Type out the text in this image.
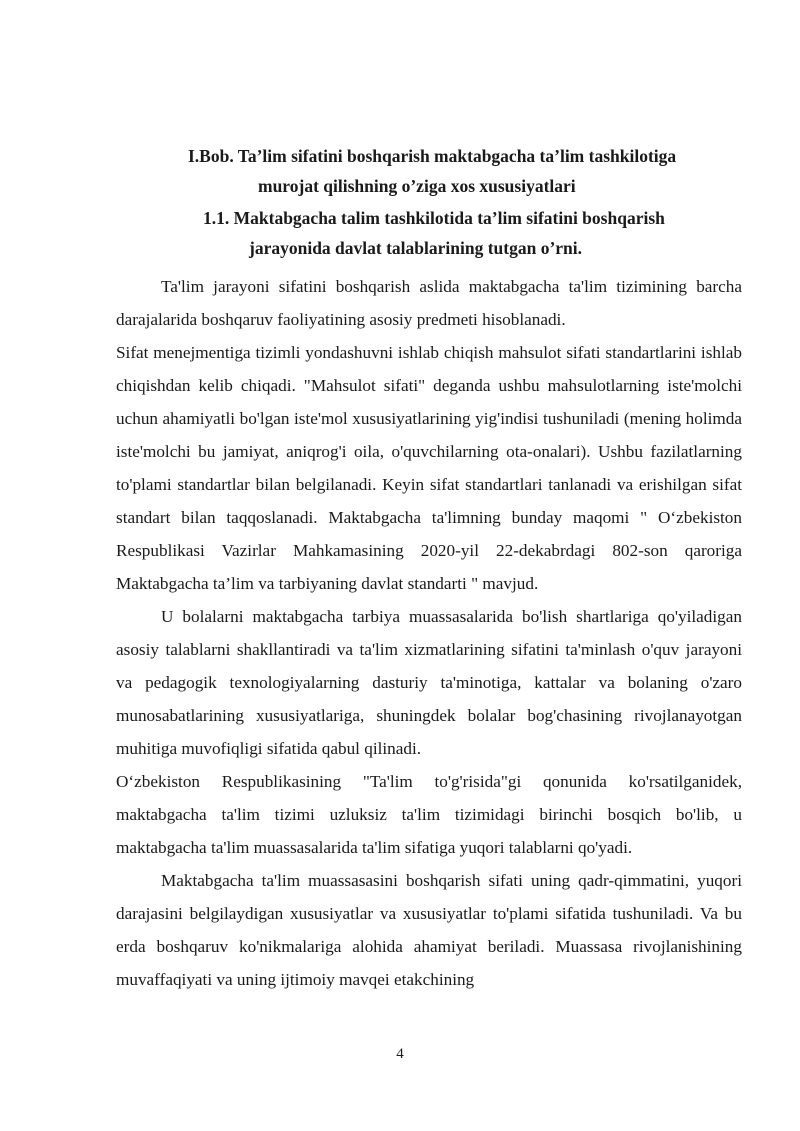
I.Bob. Ta’lim sifatini boshqarish maktabgacha ta’lim tashkilotiga
murojat qilishning o’ziga xos xususiyatlari
1.1. Maktabgacha talim tashkilotida ta’lim sifatini boshqarish
jarayonida davlat talablarining tutgan o’rni.

Ta'lim jarayoni sifatini boshqarish aslida maktabgacha ta'lim tizimining barcha darajalarida boshqaruv faoliyatining asosiy predmeti hisoblanadi.

Sifat menejmentiga tizimli yondashuvni ishlab chiqish mahsulot sifati standartlarini ishlab chiqishdan kelib chiqadi. "Mahsulot sifati" deganda ushbu mahsulotlarning iste'molchi uchun ahamiyatli bo'lgan iste'mol xususiyatlarining yig'indisi tushuniladi (mening holimda iste'molchi bu jamiyat, aniqrog'i oila, o'quvchilarning ota-onalari). Ushbu fazilatlarning to'plami standartlar bilan belgilanadi. Keyin sifat standartlari tanlanadi va erishilgan sifat standart bilan taqqoslanadi. Maktabgacha ta'limning bunday maqomi " O‘zbekiston Respublikasi Vazirlar Mahkamasining 2020-yil 22-dekabrdagi 802-son qaroriga Maktabgacha ta’lim va tarbiyaning davlat standarti " mavjud.

U bolalarni maktabgacha tarbiya muassasalarida bo'lish shartlariga qo'yiladigan asosiy talablarni shakllantiradi va ta'lim xizmatlarining sifatini ta'minlash o'quv jarayoni va pedagogik texnologiyalarning dasturiy ta'minotiga, kattalar va bolaning o'zaro munosabatlarining xususiyatlariga, shuningdek bolalar bog'chasining rivojlanayotgan muhitiga muvofiqligi sifatida qabul qilinadi.

O‘zbekiston Respublikasining "Ta'lim to'g'risida"gi qonunida ko'rsatilganidek, maktabgacha ta'lim tizimi uzluksiz ta'lim tizimidagi birinchi bosqich bo'lib, u maktabgacha ta'lim muassasalarida ta'lim sifatiga yuqori talablarni qo'yadi.

Maktabgacha ta'lim muassasasini boshqarish sifati uning qadr-qimmatini, yuqori darajasini belgilaydigan xususiyatlar va xususiyatlar to'plami sifatida tushuniladi. Va bu erda boshqaruv ko'nikmalariga alohida ahamiyat beriladi. Muassasa rivojlanishining muvaffaqiyati va uning ijtimoiy mavqei etakchining

4
